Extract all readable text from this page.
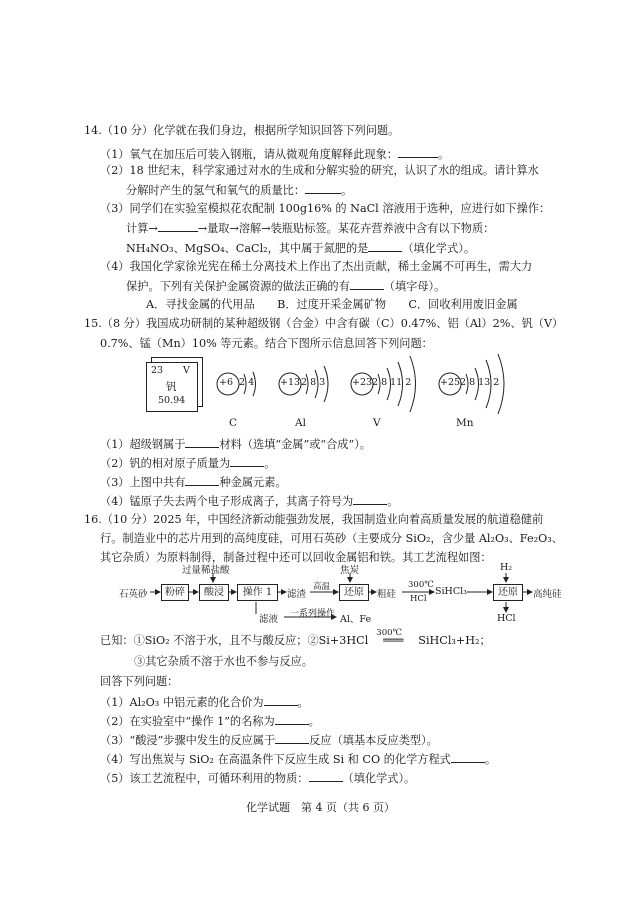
14.（10 分）化学就在我们身边，根据所学知识回答下列问题。
（1）氧气在加压后可装入钢瓶，请从微观角度解释此现象：	。
（2）18 世纪末，科学家通过对水的生成和分解实验的研究，认识了水的组成。请计算水
分解时产生的氢气和氧气的质量比：	。
（3）同学们在实验室模拟花农配制 100g16% 的 NaCl 溶液用于选种，应进行如下操作：
计算→	→量取→溶解→装瓶贴标签。某花卉营养液中含有以下物质：
NH₄NO₃、MgSO₄、CaCl₂，其中属于氮肥的是	（填化学式）。
（4）我国化学家徐光宪在稀土分离技术上作出了杰出贡献，稀土金属不可再生，需大力
保护。下列有关保护金属资源的做法正确的有	（填字母）。
A．寻找金属的代用品　　B．过度开采金属矿物　　C．回收利用废旧金属
15.（8 分）我国成功研制的某种超级钢（合金）中含有碳（C）0.47%、铝（Al）2%、钒（V）
0.7%、锰（Mn）10% 等元素。结合下图所示信息回答下列问题：
23 V
钒
50.94
+6 2 4	+13 2 8 3	+23 2 8 11 2	+25 2 8 13 2
C	Al	V	Mn
（1）超级钢属于	材料（选填“金属”或“合成”）。
（2）钒的相对原子质量为	。
（3）上图中共有	种金属元素。
（4）锰原子失去两个电子形成离子，其离子符号为	。
16.（10 分）2025 年，中国经济新动能强劲发展，我国制造业向着高质量发展的航道稳健前
行。制造业中的芯片用到的高纯度硅，可用石英砂（主要成分 SiO₂，含少量 Al₂O₃、Fe₂O₃、
其它杂质）为原料制得，制备过程中还可以回收金属铝和铁。其工艺流程如图：
过量稀盐酸	焦炭	H₂
石英砂	粉碎	酸浸	操作 1	滤渣
高温	还原	粗硅
300℃
HCl
SiHCl₃	还原	高纯硅
HCl
滤液 一系列操作 Al、Fe
已知：①SiO₂ 不溶于水，且不与酸反应；②Si+3HCl
300℃
═══ SiHCl₃+H₂；
③其它杂质不溶于水也不参与反应。
回答下列问题：
（1）Al₂O₃ 中铝元素的化合价为	。
（2）在实验室中“操作 1”的名称为	。
（3）“酸浸”步骤中发生的反应属于	反应（填基本反应类型）。
（4）写出焦炭与 SiO₂ 在高温条件下反应生成 Si 和 CO 的化学方程式	。
（5）该工艺流程中，可循环利用的物质：	（填化学式）。
化学试题　第 4 页（共 6 页）
